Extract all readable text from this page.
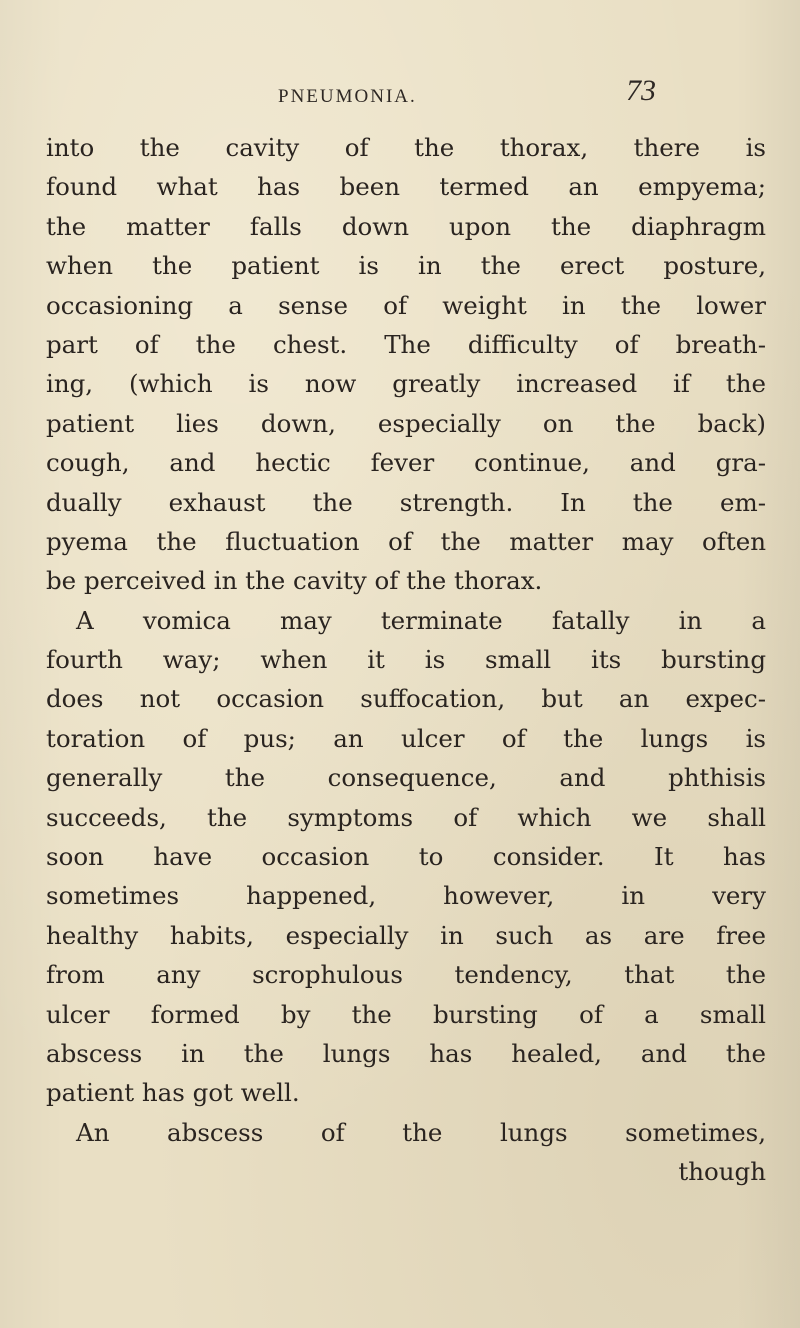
PNEUMONIA.	73
into the cavity of the thorax, there is
found what has been termed an empyema;
the matter falls down upon the diaphragm
when the patient is in the erect posture,
occasioning a sense of weight in the lower
part of the chest. The difficulty of breath-
ing, (which is now greatly increased if the
patient lies down, especially on the back)
cough, and hectic fever continue, and gra-
dually exhaust the strength. In the em-
pyema the fluctuation of the matter may often
be perceived in the cavity of the thorax.
A vomica may terminate fatally in a
fourth way; when it is small its bursting
does not occasion suffocation, but an expec-
toration of pus; an ulcer of the lungs is
generally the consequence, and phthisis
succeeds, the symptoms of which we shall
soon have occasion to consider. It has
sometimes happened, however, in very
healthy habits, especially in such as are free
from any scrophulous tendency, that the
ulcer formed by the bursting of a small
abscess in the lungs has healed, and the
patient has got well.
An abscess of the lungs sometimes,
though
